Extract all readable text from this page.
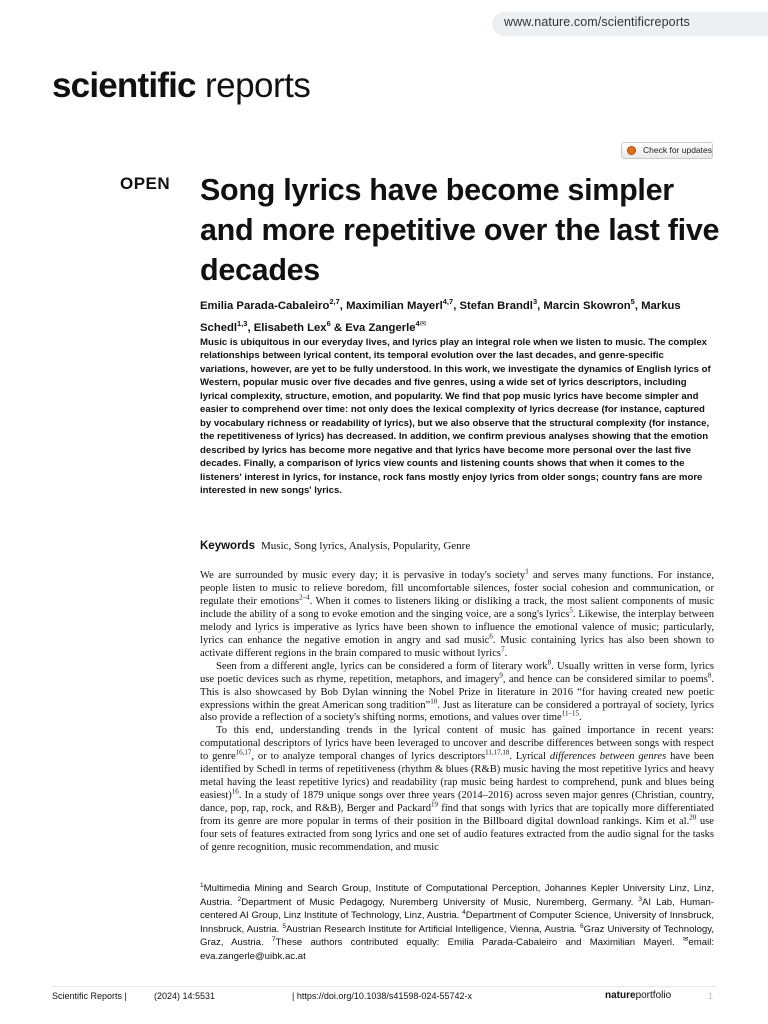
www.nature.com/scientificreports
scientific reports
Check for updates
OPEN Song lyrics have become simpler and more repetitive over the last five decades
Emilia Parada-Cabaleiro$^{2,7}$, Maximilian Mayerl$^{4,7}$, Stefan Brandl$^3$, Marcin Skowron$^5$, Markus Schedl$^{1,3}$, Elisabeth Lex$^6$ & Eva Zangerle$^{4✉}$
Music is ubiquitous in our everyday lives, and lyrics play an integral role when we listen to music. The complex relationships between lyrical content, its temporal evolution over the last decades, and genre-specific variations, however, are yet to be fully understood. In this work, we investigate the dynamics of English lyrics of Western, popular music over five decades and five genres, using a wide set of lyrics descriptors, including lyrical complexity, structure, emotion, and popularity. We find that pop music lyrics have become simpler and easier to comprehend over time: not only does the lexical complexity of lyrics decrease (for instance, captured by vocabulary richness or readability of lyrics), but we also observe that the structural complexity (for instance, the repetitiveness of lyrics) has decreased. In addition, we confirm previous analyses showing that the emotion described by lyrics has become more negative and that lyrics have become more personal over the last five decades. Finally, a comparison of lyrics view counts and listening counts shows that when it comes to the listeners' interest in lyrics, for instance, rock fans mostly enjoy lyrics from older songs; country fans are more interested in new songs' lyrics.
Keywords Music, Song lyrics, Analysis, Popularity, Genre

We are surrounded by music every day; it is pervasive in today's society$^1$ and serves many functions. For instance, people listen to music to relieve boredom, fill uncomfortable silences, foster social cohesion and communication, or regulate their emotions$^{2-4}$. When it comes to listeners liking or disliking a track, the most salient components of music include the ability of a song to evoke emotion and the singing voice, are a song's lyrics$^5$. Likewise, the interplay between melody and lyrics is imperative as lyrics have been shown to influence the emotional valence of music; particularly, lyrics can enhance the negative emotion in angry and sad music$^6$. Music containing lyrics has also been shown to activate different regions in the brain compared to music without lyrics$^7$.

Seen from a different angle, lyrics can be considered a form of literary work$^8$. Usually written in verse form, lyrics use poetic devices such as rhyme, repetition, metaphors, and imagery$^9$, and hence can be considered similar to poems$^8$. This is also showcased by Bob Dylan winning the Nobel Prize in literature in 2016 “for having created new poetic expressions within the great American song tradition”$^{10}$. Just as literature can be considered a portrayal of society, lyrics also provide a reflection of a society's shifting norms, emotions, and values over time$^{11-15}$.

To this end, understanding trends in the lyrical content of music has gained importance in recent years: computational descriptors of lyrics have been leveraged to uncover and describe differences between songs with respect to genre$^{16,17}$, or to analyze temporal changes of lyrics descriptors$^{11,17,18}$. Lyrical differences between genres have been identified by Schedl in terms of repetitiveness (rhythm & blues (R&B) music having the most repetitive lyrics and heavy metal having the least repetitive lyrics) and readability (rap music being hardest to comprehend, punk and blues being easiest)$^{16}$. In a study of 1879 unique songs over three years (2014–2016) across seven major genres (Christian, country, dance, pop, rap, rock, and R&B), Berger and Packard$^{19}$ find that songs with lyrics that are topically more differentiated from its genre are more popular in terms of their position in the Billboard digital download rankings. Kim et al.$^{20}$ use four sets of features extracted from song lyrics and one set of audio features extracted from the audio signal for the tasks of genre recognition, music recommendation, and music

$^1$Multimedia Mining and Search Group, Institute of Computational Perception, Johannes Kepler University Linz, Linz, Austria. $^2$Department of Music Pedagogy, Nuremberg University of Music, Nuremberg, Germany. $^3$AI Lab, Human-centered AI Group, Linz Institute of Technology, Linz, Austria. $^4$Department of Computer Science, University of Innsbruck, Innsbruck, Austria. $^5$Austrian Research Institute for Artificial Intelligence, Vienna, Austria. $^6$Graz University of Technology, Graz, Austria. $^7$These authors contributed equally: Emilia Parada-Cabaleiro and Maximilian Mayerl. ✉email: eva.zangerle@uibk.ac.at
Scientific Reports |	(2024) 14:5531	| https://doi.org/10.1038/s41598-024-55742-x	natureportfolio	1
